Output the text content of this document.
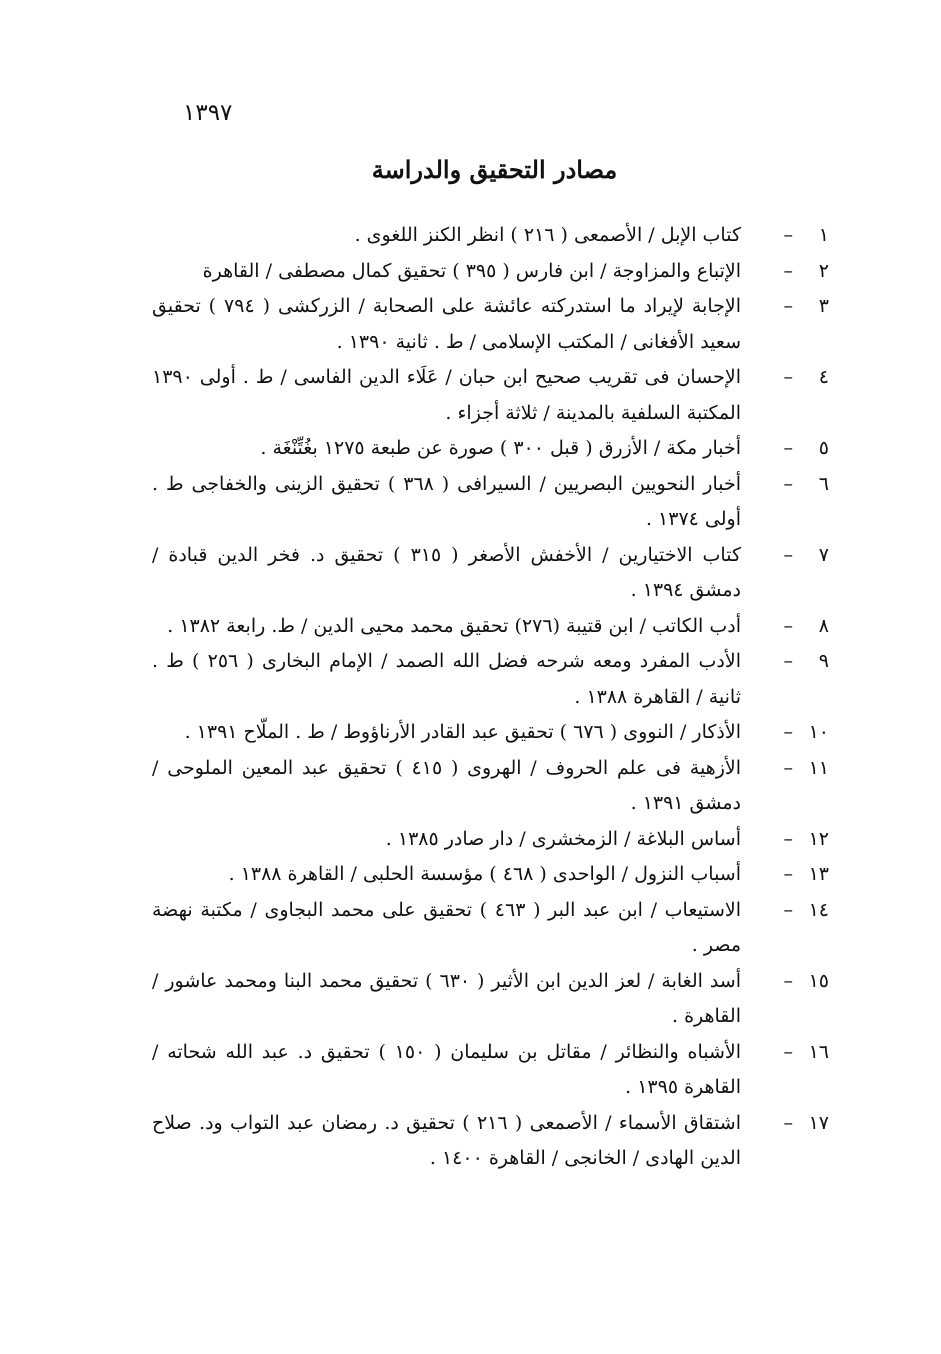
١٣٩٧
مصادر التحقيق والدراسة
١
–
كتاب الإبل / الأصمعى ( ٢١٦ ) انظر الكنز اللغوى .
٢
–
الإتباع والمزاوجة / ابن فارس ( ٣٩٥ ) تحقيق كمال مصطفى / القاهرة
٣
–
الإجابة لإيراد ما استدركته عائشة على الصحابة / الزركشى ( ٧٩٤ ) تحقيق سعيد الأفغانى / المكتب الإسلامى / ط . ثانية ١٣٩٠ .
٤
–
الإحسان فى تقريب صحيح ابن حبان / عَلَاء الدين الفاسى / ط . أولى ١٣٩٠ المكتبة السلفية بالمدينة / ثلاثة أجزاء .
٥
–
أخبار مكة / الأزرق ( قبل ٣٠٠ ) صورة عن طبعة ١٢٧٥ بغُتِّنْغَة .
٦
–
أخبار النحويين البصريين / السيرافى ( ٣٦٨ ) تحقيق الزينى والخفاجى ط . أولى ١٣٧٤ .
٧
–
كتاب الاختيارين / الأخفش الأصغر ( ٣١٥ ) تحقيق د. فخر الدين قبادة / دمشق ١٣٩٤ .
٨
–
أدب الكاتب / ابن قتيبة (٢٧٦) تحقيق محمد محيى الدين / ط. رابعة ١٣٨٢ .
٩
–
الأدب المفرد ومعه شرحه فضل الله الصمد / الإمام البخارى ( ٢٥٦ ) ط . ثانية / القاهرة ١٣٨٨ .
١٠
–
الأذكار / النووى ( ٦٧٦ ) تحقيق عبد القادر الأرناؤوط / ط . الملّاح ١٣٩١ .
١١
–
الأزهية فى علم الحروف / الهروى ( ٤١٥ ) تحقيق عبد المعين الملوحى / دمشق ١٣٩١ .
١٢
–
أساس البلاغة / الزمخشرى / دار صادر ١٣٨٥ .
١٣
–
أسباب النزول / الواحدى ( ٤٦٨ ) مؤسسة الحلبى / القاهرة ١٣٨٨ .
١٤
–
الاستيعاب / ابن عبد البر ( ٤٦٣ ) تحقيق على محمد البجاوى / مكتبة نهضة مصر .
١٥
–
أسد الغابة / لعز الدين ابن الأثير ( ٦٣٠ ) تحقيق محمد البنا ومحمد عاشور / القاهرة .
١٦
–
الأشباه والنظائر / مقاتل بن سليمان ( ١٥٠ ) تحقيق د. عبد الله شحاته / القاهرة ١٣٩٥ .
١٧
–
اشتقاق الأسماء / الأصمعى ( ٢١٦ ) تحقيق د. رمضان عبد التواب ود. صلاح الدين الهادى / الخانجى / القاهرة ١٤٠٠ .
